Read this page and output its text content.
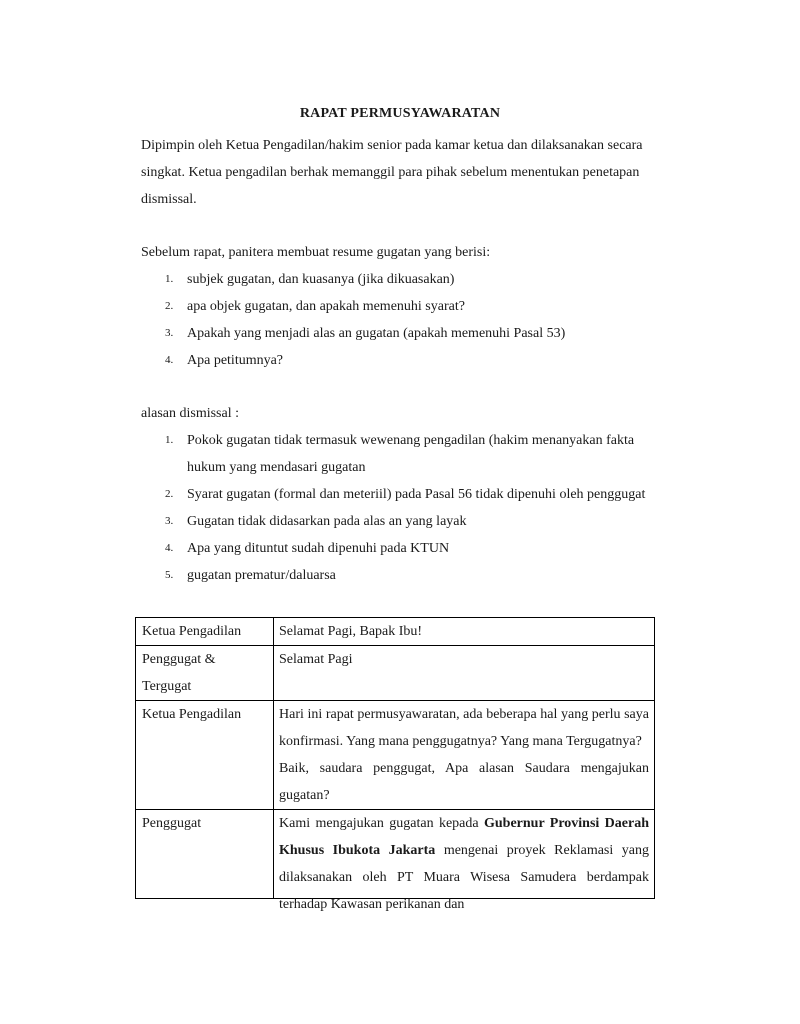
RAPAT PERMUSYAWARATAN

Dipimpin oleh Ketua Pengadilan/hakim senior pada kamar ketua dan dilaksanakan secara singkat. Ketua pengadilan berhak memanggil para pihak sebelum menentukan penetapan dismissal.

Sebelum rapat, panitera membuat resume gugatan yang berisi:

1. subjek gugatan, dan kuasanya (jika dikuasakan)
2. apa objek gugatan, dan apakah memenuhi syarat?
3. Apakah yang menjadi alas an gugatan (apakah memenuhi Pasal 53)
4. Apa petitumnya?

alasan dismissal :

1. Pokok gugatan tidak termasuk wewenang pengadilan (hakim menanyakan fakta hukum yang mendasari gugatan
2. Syarat gugatan (formal dan meteriil) pada Pasal 56 tidak dipenuhi oleh penggugat
3. Gugatan tidak didasarkan pada alas an yang layak
4. Apa yang dituntut sudah dipenuhi pada KTUN
5. gugatan prematur/daluarsa
Ketua Pengadilan	Selamat Pagi, Bapak Ibu!
Penggugat & Tergugat	Selamat Pagi
Ketua Pengadilan	Hari ini rapat permusyawaratan, ada beberapa hal yang perlu saya konfirmasi. Yang mana penggugatnya? Yang mana Tergugatnya?
Baik, saudara penggugat, Apa alasan Saudara mengajukan gugatan?

Penggugat	Kami mengajukan gugatan kepada Gubernur Provinsi Daerah Khusus Ibukota Jakarta mengenai proyek Reklamasi yang dilaksanakan oleh PT Muara Wisesa Samudera berdampak terhadap Kawasan perikanan dan
